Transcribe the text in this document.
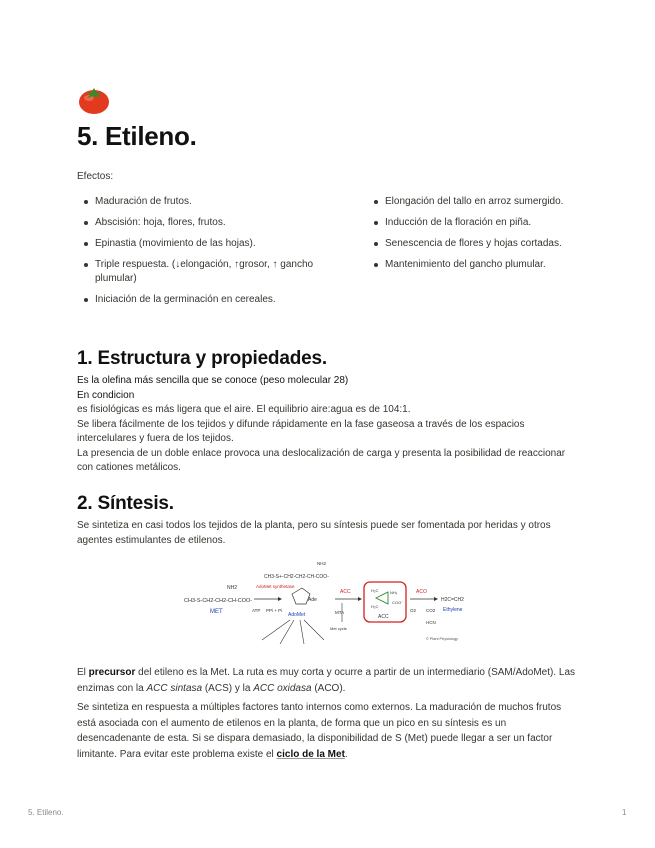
5. Etileno.
Efectos:
Maduración de frutos.
Abscisión: hoja, flores, frutos.
Epinastia (movimiento de las hojas).
Triple respuesta. (↓elongación, ↑grosor, ↑ gancho plumular)
Iniciación de la germinación en cereales.
Elongación del tallo en arroz sumergido.
Inducción de la floración en piña.
Senescencia de flores y hojas cortadas.
Mantenimiento del gancho plumular.
1. Estructura y propiedades.

Es la olefina más sencilla que se conoce (peso molecular 28)

En condicion

es fisiológicas es más ligera que el aire. El equilibrio aire:agua es de 104:1.

Se libera fácilmente de los tejidos y difunde rápidamente en la fase gaseosa a través de los espacios intercelulares y fuera de los tejidos.

La presencia de un doble enlace provoca una deslocalización de carga y presenta la posibilidad de reaccionar con cationes metálicos.

2. Síntesis.
Se sintetiza en casi todos los tejidos de la planta, pero su síntesis puede ser fomentada por heridas y otros agentes estimulantes de etilenos.
CH3-S-CH2-CH2-CH-COO-
NH2
MET
AdoMet synthetase
ATP PPi + Pi
CH3-S+-CH2-CH2-CH-COO-
NH2
Ade
AdoMet
ACC
MTA
Met cycle
H₂C
H₂C
NH₃
COO⁻
ACC
ACO
O2 CO2
HCN
H2C=CH2
Ethylene
© Plant Physiology
El precursor del etileno es la Met. La ruta es muy corta y ocurre a partir de un intermediario (SAM/AdoMet). Las enzimas con la ACC sintasa (ACS) y la ACC oxidasa (ACO).
Se sintetiza en respuesta a múltiples factores tanto internos como externos. La maduración de muchos frutos está asociada con el aumento de etilenos en la planta, de forma que un pico en su síntesis es un desencadenante de esta. Si se dispara demasiado, la disponibilidad de S (Met) puede llegar a ser un factor limitante. Para evitar este problema existe el ciclo de la Met.
5. Etileno.	1
